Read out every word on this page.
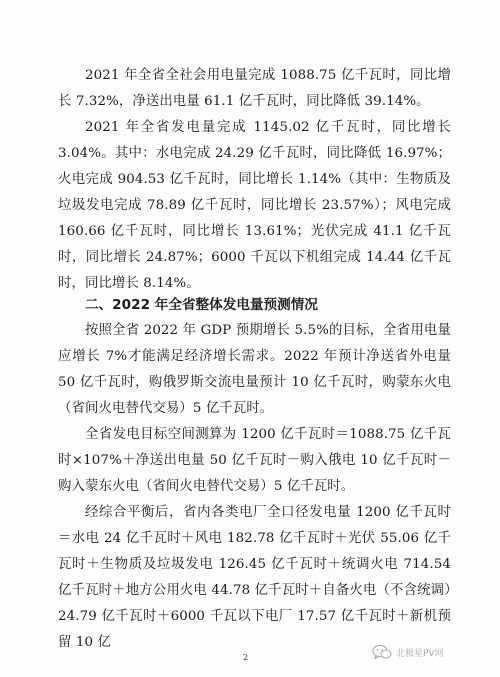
2021 年全省全社会用电量完成 1088.75 亿千瓦时，同比增长 7.32%，净送出电量 61.1 亿千瓦时，同比降低 39.14%。

2021 年全省发电量完成 1145.02 亿千瓦时，同比增长 3.04%。其中：水电完成 24.29 亿千瓦时，同比降低 16.97%；火电完成 904.53 亿千瓦时，同比增长 1.14%（其中：生物质及垃圾发电完成 78.89 亿千瓦时，同比增长 23.57%）；风电完成 160.66 亿千瓦时，同比增长 13.61%；光伏完成 41.1 亿千瓦时，同比增长 24.87%；6000 千瓦以下机组完成 14.44 亿千瓦时，同比增长 8.14%。

二、2022 年全省整体发电量预测情况

按照全省 2022 年 GDP 预期增长 5.5%的目标，全省用电量应增长 7%才能满足经济增长需求。2022 年预计净送省外电量 50 亿千瓦时，购俄罗斯交流电量预计 10 亿千瓦时，购蒙东火电（省间火电替代交易）5 亿千瓦时。

全省发电目标空间测算为 1200 亿千瓦时＝1088.75 亿千瓦时×107%＋净送出电量 50 亿千瓦时－购入俄电 10 亿千瓦时－购入蒙东火电（省间火电替代交易）5 亿千瓦时。

经综合平衡后，省内各类电厂全口径发电量 1200 亿千瓦时＝水电 24 亿千瓦时＋风电 182.78 亿千瓦时＋光伏 55.06 亿千瓦时＋生物质及垃圾发电 126.45 亿千瓦时＋统调火电 714.54 亿千瓦时＋地方公用火电 44.78 亿千瓦时＋自备火电（不含统调）24.79 亿千瓦时＋6000 千瓦以下电厂 17.57 亿千瓦时＋新机预留 10 亿

2	北极星PV网
